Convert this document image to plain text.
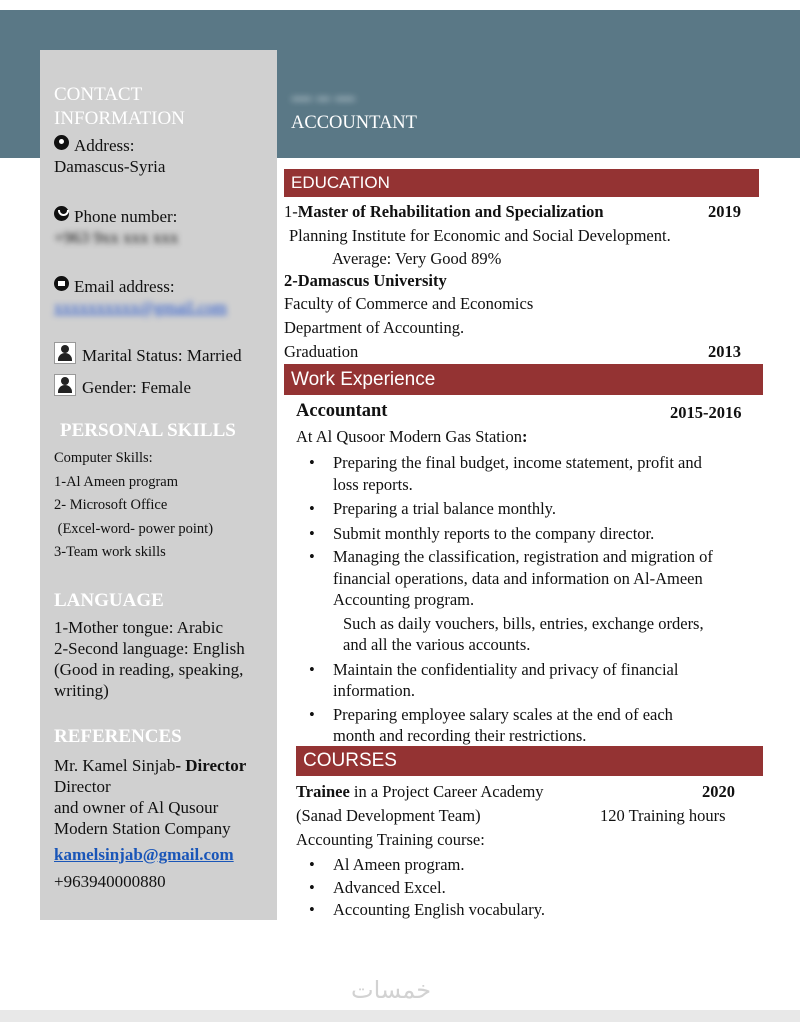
ـــ ــ ـــ
ACCOUNTANT

CONTACT INFORMATION

Address:

Damascus-Syria

Phone number:

+963 9xx xxx xxx

Email address:

xxxxxxxxxx@gmail.com

Marital Status: Married

Gender: Female

PERSONAL SKILLS

Computer Skills:

1-Al Ameen program

2- Microsoft Office

(Excel-word- power point)

3-Team work skills

LANGUAGE

1-Mother tongue: Arabic

2-Second language: English

(Good in reading, speaking,

writing)

REFERENCES

Mr. Kamel Sinjab- Director Director

and owner of Al Qusour

Modern Station Company

kamelsinjab@gmail.com

+963940000880

EDUCATION
1-Master of Rehabilitation and Specialization	2019
Planning Institute for Economic and Social Development.
Average: Very Good 89%
2-Damascus University
Faculty of Commerce and Economics
Department of Accounting.
Graduation	2013
Work Experience
Accountant	2015-2016
At Al Qusoor Modern Gas Station:
• Preparing the final budget, income statement, profit and
loss reports.
• Preparing a trial balance monthly.
• Submit monthly reports to the company director.
• Managing the classification, registration and migration of
financial operations, data and information on Al-Ameen
Accounting program.
Such as daily vouchers, bills, entries, exchange orders,
and all the various accounts.
• Maintain the confidentiality and privacy of financial
information.
• Preparing employee salary scales at the end of each
month and recording their restrictions.
COURSES
Trainee in a Project Career Academy	2020
(Sanad Development Team)	120 Training hours
Accounting Training course:
• Al Ameen program.
• Advanced Excel.
• Accounting English vocabulary.
خمسات
